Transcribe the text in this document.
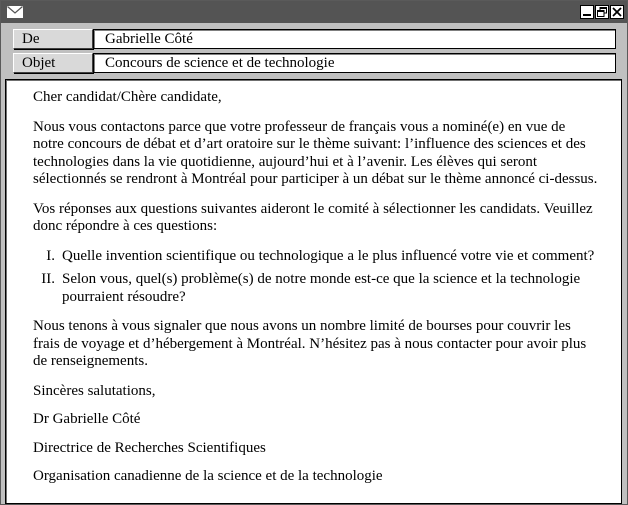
De	Gabrielle Côté
Objet	Concours de science et de technologie

Cher candidat/Chère candidate,

Nous vous contactons parce que votre professeur de français vous a nominé(e) en vue de notre concours de débat et d’art oratoire sur le thème suivant: l’influence des sciences et des technologies dans la vie quotidienne, aujourd’hui et à l’avenir. Les élèves qui seront sélectionnés se rendront à Montréal pour participer à un débat sur le thème annoncé ci-dessus.

Vos réponses aux questions suivantes aideront le comité à sélectionner les candidats. Veuillez donc répondre à ces questions:

I. Quelle invention scientifique ou technologique a le plus influencé votre vie et comment?
II. Selon vous, quel(s) problème(s) de notre monde est-ce que la science et la technologie pourraient résoudre?

Nous tenons à vous signaler que nous avons un nombre limité de bourses pour couvrir les frais de voyage et d’hébergement à Montréal. N’hésitez pas à nous contacter pour avoir plus de renseignements.

Sincères salutations,

Dr Gabrielle Côté

Directrice de Recherches Scientifiques

Organisation canadienne de la science et de la technologie
